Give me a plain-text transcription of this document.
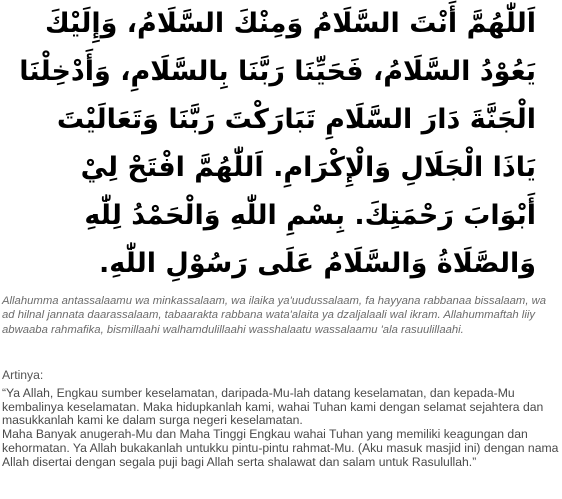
اَللّٰهُمَّ أَنْتَ السَّلَامُ وَمِنْكَ السَّلَامُ، وَإِلَيْكَ
يَعُوْدُ السَّلَامُ، فَحَيِّنَا رَبَّنَا بِالسَّلَامِ، وَأَدْخِلْنَا
الْجَنَّةَ دَارَ السَّلَامِ تَبَارَكْتَ رَبَّنَا وَتَعَالَيْتَ
يَاذَا الْجَلَالِ وَالْإِكْرَامِ. اَللّٰهُمَّ افْتَحْ لِيْ
أَبْوَابَ رَحْمَتِكَ. بِسْمِ اللّٰهِ وَالْحَمْدُ لِلّٰهِ
وَالصَّلَاةُ وَالسَّلَامُ عَلَى رَسُوْلِ اللّٰهِ.
Allahumma antassalaamu wa minkassalaam, wa ilaika ya'uudussalaam, fa hayyana rabbanaa bissalaam, wa ad hilnal jannata daarassalaam, tabaarakta rabbana wata'alaita ya dzaljalaali wal ikram. Allahummaftah liiy abwaaba rahmafika, bismillaahi walhamdulillaahi wasshalaatu wassalaamu 'ala rasuulillaahi.
Artinya:

“Ya Allah, Engkau sumber keselamatan, daripada-Mu-lah datang keselamatan, dan kepada-Mu kembalinya keselamatan. Maka hidupkanlah kami, wahai Tuhan kami dengan selamat sejahtera dan masukkanlah kami ke dalam surga negeri keselamatan.

Maha Banyak anugerah-Mu dan Maha Tinggi Engkau wahai Tuhan yang memiliki keagungan dan kehormatan. Ya Allah bukakanlah untukku pintu-pintu rahmat-Mu. (Aku masuk masjid ini) dengan nama Allah disertai dengan segala puji bagi Allah serta shalawat dan salam untuk Rasulullah.”
